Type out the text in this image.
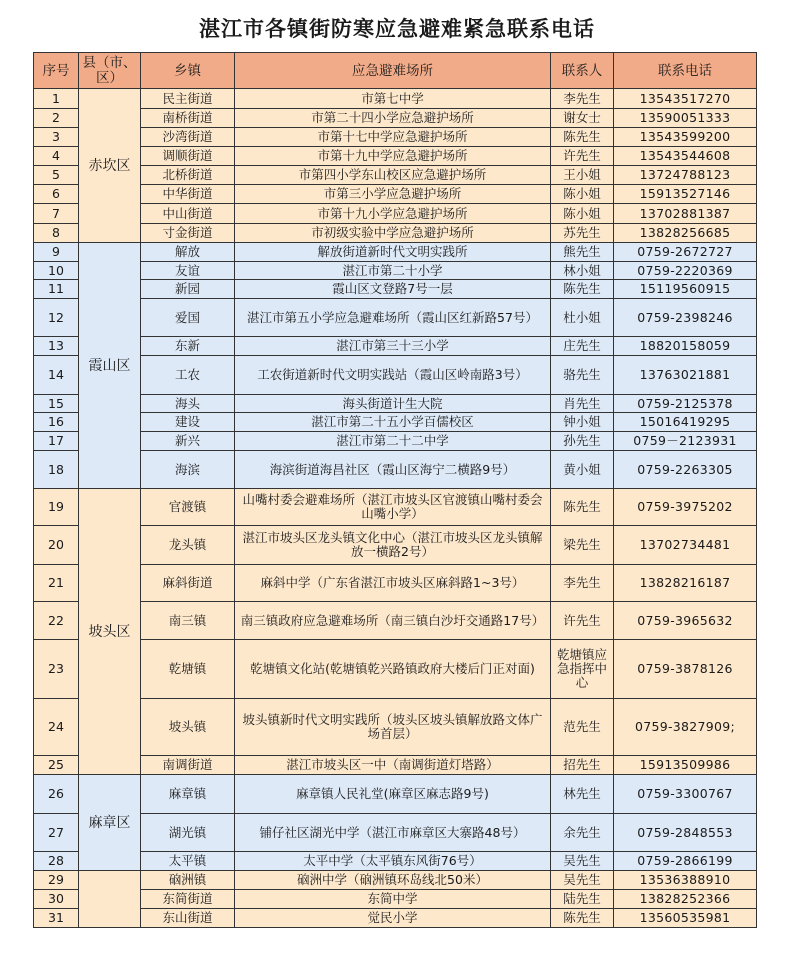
湛江市各镇街防寒应急避难紧急联系电话
序号	县（市、区）	乡镇	应急避难场所	联系人	联系电话
1	赤坎区	民主街道	市第七中学	李先生	13543517270
2		南桥街道	市第二十四小学应急避护场所	谢女士	13590051333
3		沙湾街道	市第十七中学应急避护场所	陈先生	13543599200
4		调顺街道	市第十九中学应急避护场所	许先生	13543544608
5		北桥街道	市第四小学东山校区应急避护场所	王小姐	13724788123
6		中华街道	市第三小学应急避护场所	陈小姐	15913527146
7		中山街道	市第十九小学应急避护场所	陈小姐	13702881387
8		寸金街道	市初级实验中学应急避护场所	苏先生	13828256685
9	霞山区	解放	解放街道新时代文明实践所	熊先生	0759-2672727
10		友谊	湛江市第二十小学	林小姐	0759-2220369
11		新园	霞山区文登路7号一层	陈先生	15119560915
12		爱国	湛江市第五小学应急避难场所（霞山区红新路57号）	杜小姐	0759-2398246
13		东新	湛江市第三十三小学	庄先生	18820158059
14		工农	工农街道新时代文明实践站（霞山区岭南路3号）	骆先生	13763021881
15		海头	海头街道计生大院	肖先生	0759-2125378
16		建设	湛江市第二十五小学百儒校区	钟小姐	15016419295
17		新兴	湛江市第二十二中学	孙先生	0759－2123931
18		海滨	海滨街道海昌社区（霞山区海宁二横路9号）	黄小姐	0759-2263305
19	坡头区	官渡镇	山嘴村委会避难场所（湛江市坡头区官渡镇山嘴村委会山嘴小学）	陈先生	0759-3975202
20		龙头镇	湛江市坡头区龙头镇文化中心（湛江市坡头区龙头镇解放一横路2号）	梁先生	13702734481
21		麻斜街道	麻斜中学（广东省湛江市坡头区麻斜路1~3号）	李先生	13828216187
22		南三镇	南三镇政府应急避难场所（南三镇白沙圩交通路17号）	许先生	0759-3965632
23		乾塘镇	乾塘镇文化站(乾塘镇乾兴路镇政府大楼后门正对面)	乾塘镇应急指挥中心	0759-3878126
24		坡头镇	坡头镇新时代文明实践所（坡头区坡头镇解放路文体广场首层）	范先生	0759-3827909;
25		南调街道	湛江市坡头区一中（南调街道灯塔路）	招先生	15913509986
26	麻章区	麻章镇	麻章镇人民礼堂(麻章区麻志路9号)	林先生	0759-3300767
27		湖光镇	铺仔社区湖光中学（湛江市麻章区大寨路48号）	余先生	0759-2848553
28		太平镇	太平中学（太平镇东风街76号）	吴先生	0759-2866199
29		硇洲镇	硇洲中学（硇洲镇环岛线北50米）	吴先生	13536388910
30		东简街道	东简中学	陆先生	13828252366
31		东山街道	觉民小学	陈先生	13560535981
